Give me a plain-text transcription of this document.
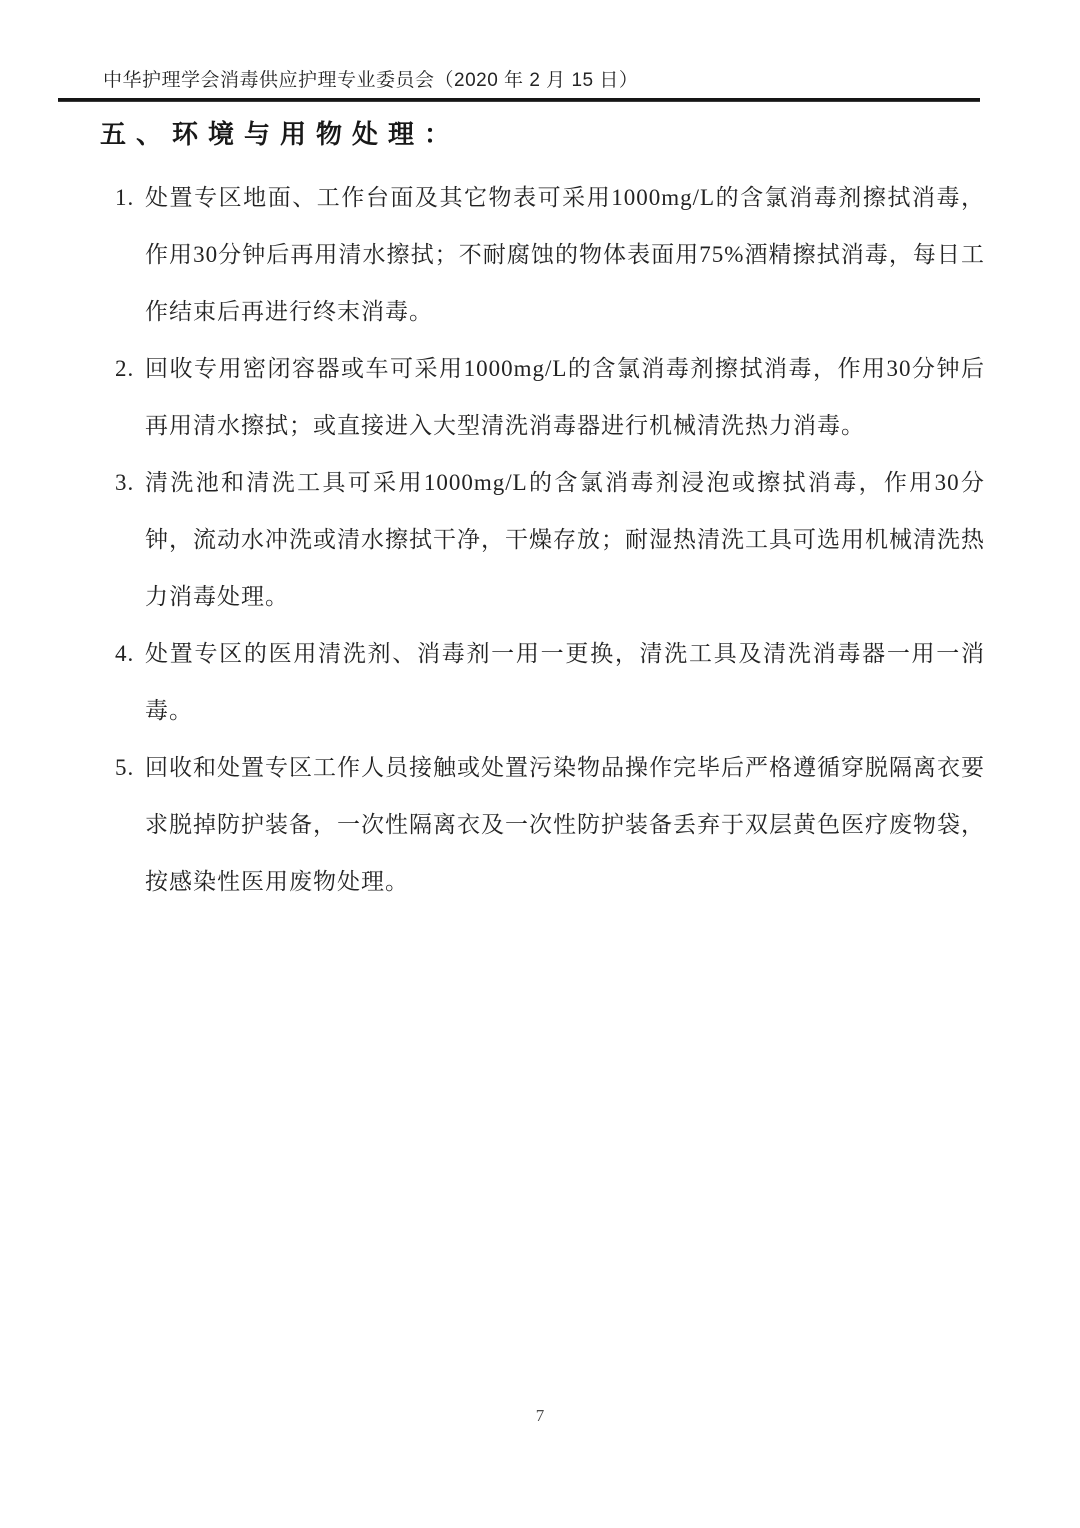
中华护理学会消毒供应护理专业委员会（2020 年 2 月 15 日）
五、环境与用物处理：
1. 处置专区地面、工作台面及其它物表可采用1000mg/L的含氯消毒剂擦拭消毒，作用30分钟后再用清水擦拭；不耐腐蚀的物体表面用75%酒精擦拭消毒，每日工作结束后再进行终末消毒。
2. 回收专用密闭容器或车可采用1000mg/L的含氯消毒剂擦拭消毒，作用30分钟后再用清水擦拭；或直接进入大型清洗消毒器进行机械清洗热力消毒。
3. 清洗池和清洗工具可采用1000mg/L的含氯消毒剂浸泡或擦拭消毒，作用30分钟，流动水冲洗或清水擦拭干净，干燥存放；耐湿热清洗工具可选用机械清洗热力消毒处理。
4. 处置专区的医用清洗剂、消毒剂一用一更换，清洗工具及清洗消毒器一用一消毒。
5. 回收和处置专区工作人员接触或处置污染物品操作完毕后严格遵循穿脱隔离衣要求脱掉防护装备，一次性隔离衣及一次性防护装备丢弃于双层黄色医疗废物袋，按感染性医用废物处理。
7
